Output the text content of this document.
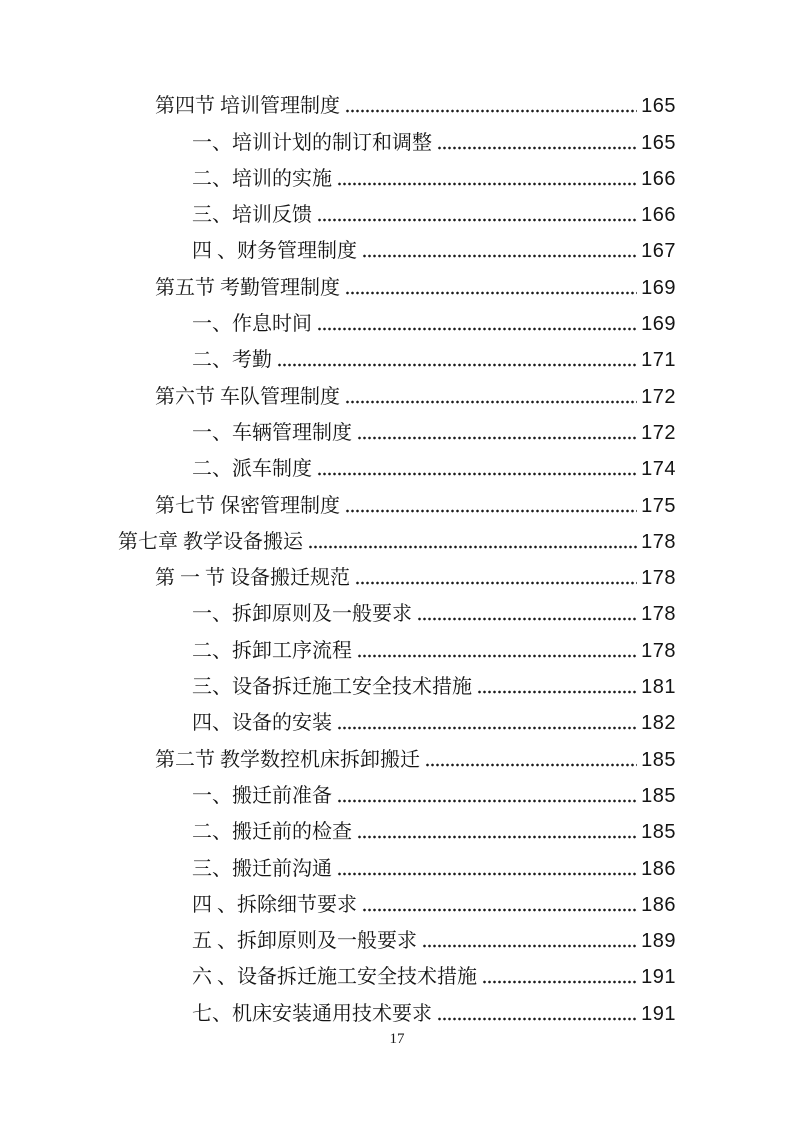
第四节 培训管理制度	165
一、培训计划的制订和调整	165
二、培训的实施	166
三、培训反馈	166
四 、财务管理制度	167
第五节 考勤管理制度	169
一、作息时间	169
二、考勤	171
第六节 车队管理制度	172
一、车辆管理制度	172
二、派车制度	174
第七节 保密管理制度	175
第七章 教学设备搬运	178
第 一 节 设备搬迁规范	178
一、拆卸原则及一般要求	178
二、拆卸工序流程	178
三、设备拆迁施工安全技术措施	181
四、设备的安装	182
第二节 教学数控机床拆卸搬迁	185
一、搬迁前准备	185
二、搬迁前的检查	185
三、搬迁前沟通	186
四 、拆除细节要求	186
五 、拆卸原则及一般要求	189
六 、设备拆迁施工安全技术措施	191
七、机床安装通用技术要求	191
17
